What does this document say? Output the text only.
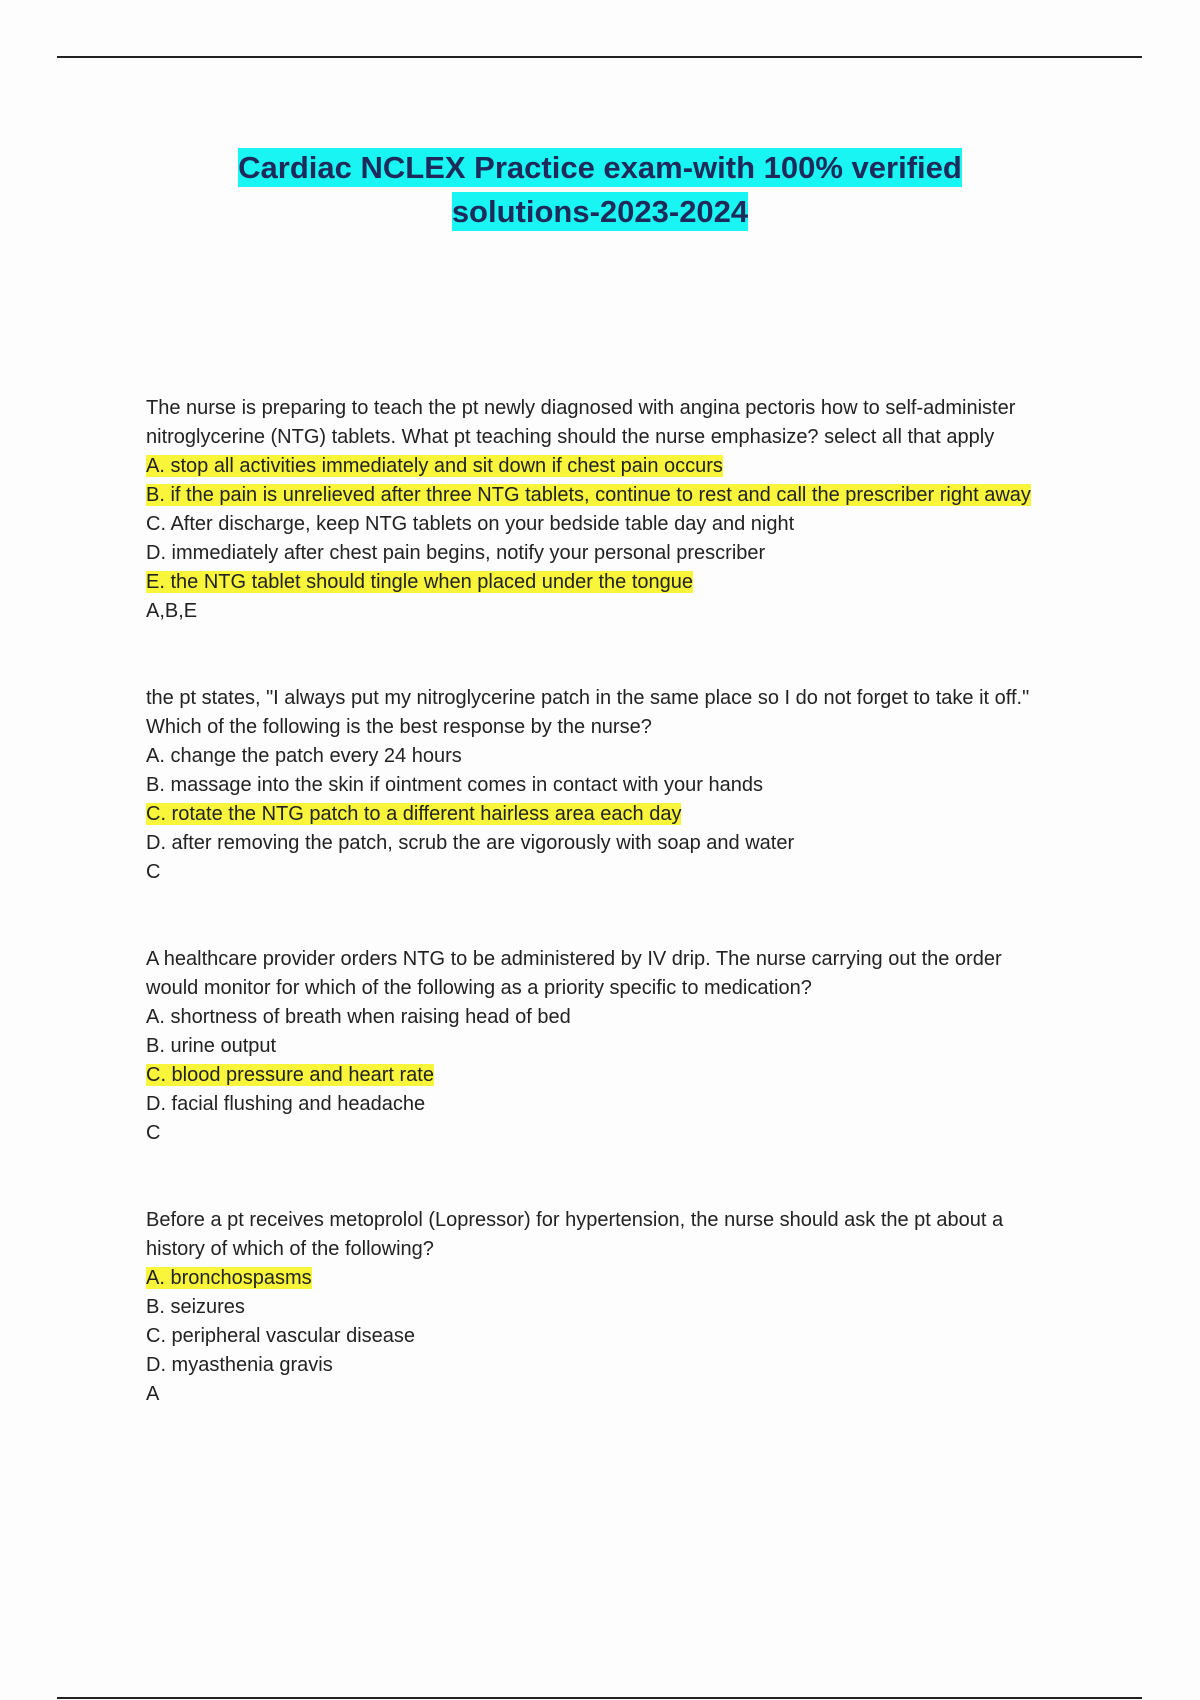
Cardiac NCLEX Practice exam-with 100% verified
solutions-2023-2024

The nurse is preparing to teach the pt newly diagnosed with angina pectoris how to self-administer nitroglycerine (NTG) tablets. What pt teaching should the nurse emphasize? select all that apply

A. stop all activities immediately and sit down if chest pain occurs

B. if the pain is unrelieved after three NTG tablets, continue to rest and call the prescriber right away

C. After discharge, keep NTG tablets on your bedside table day and night

D. immediately after chest pain begins, notify your personal prescriber

E. the NTG tablet should tingle when placed under the tongue

A,B,E

the pt states, "I always put my nitroglycerine patch in the same place so I do not forget to take it off." Which of the following is the best response by the nurse?

A. change the patch every 24 hours

B. massage into the skin if ointment comes in contact with your hands

C. rotate the NTG patch to a different hairless area each day

D. after removing the patch, scrub the are vigorously with soap and water

C

A healthcare provider orders NTG to be administered by IV drip. The nurse carrying out the order would monitor for which of the following as a priority specific to medication?

A. shortness of breath when raising head of bed

B. urine output

C. blood pressure and heart rate

D. facial flushing and headache

C

Before a pt receives metoprolol (Lopressor) for hypertension, the nurse should ask the pt about a history of which of the following?

A. bronchospasms

B. seizures

C. peripheral vascular disease

D. myasthenia gravis

A
